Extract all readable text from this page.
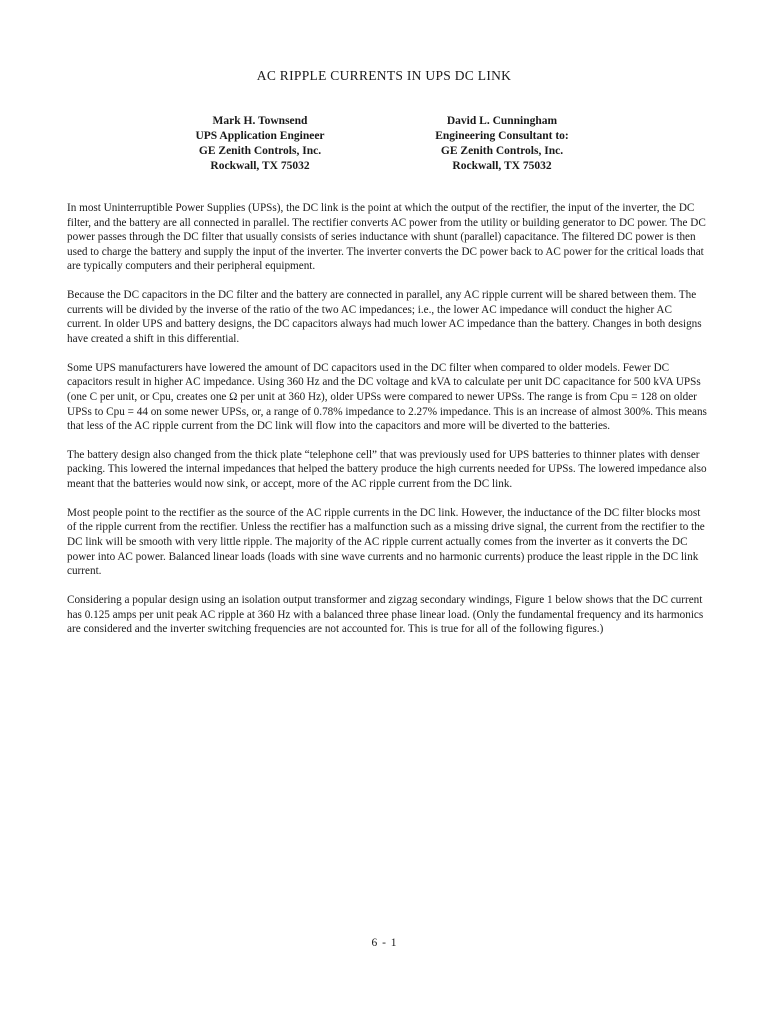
AC RIPPLE CURRENTS IN UPS DC LINK
Mark H. Townsend
UPS Application Engineer
GE Zenith Controls, Inc.
Rockwall, TX 75032
David L. Cunningham
Engineering Consultant to:
GE Zenith Controls, Inc.
Rockwall, TX 75032

In most Uninterruptible Power Supplies (UPSs), the DC link is the point at which the output of the rectifier, the input of the inverter, the DC filter, and the battery are all connected in parallel. The rectifier converts AC power from the utility or building generator to DC power. The DC power passes through the DC filter that usually consists of series inductance with shunt (parallel) capacitance. The filtered DC power is then used to charge the battery and supply the input of the inverter. The inverter converts the DC power back to AC power for the critical loads that are typically computers and their peripheral equipment.

Because the DC capacitors in the DC filter and the battery are connected in parallel, any AC ripple current will be shared between them. The currents will be divided by the inverse of the ratio of the two AC impedances; i.e., the lower AC impedance will conduct the higher AC current. In older UPS and battery designs, the DC capacitors always had much lower AC impedance than the battery. Changes in both designs have created a shift in this differential.

Some UPS manufacturers have lowered the amount of DC capacitors used in the DC filter when compared to older models. Fewer DC capacitors result in higher AC impedance. Using 360 Hz and the DC voltage and kVA to calculate per unit DC capacitance for 500 kVA UPSs (one C per unit, or Cpu, creates one Ω per unit at 360 Hz), older UPSs were compared to newer UPSs. The range is from Cpu = 128 on older UPSs to Cpu = 44 on some newer UPSs, or, a range of 0.78% impedance to 2.27% impedance. This is an increase of almost 300%. This means that less of the AC ripple current from the DC link will flow into the capacitors and more will be diverted to the batteries.

The battery design also changed from the thick plate “telephone cell” that was previously used for UPS batteries to thinner plates with denser packing. This lowered the internal impedances that helped the battery produce the high currents needed for UPSs. The lowered impedance also meant that the batteries would now sink, or accept, more of the AC ripple current from the DC link.

Most people point to the rectifier as the source of the AC ripple currents in the DC link. However, the inductance of the DC filter blocks most of the ripple current from the rectifier. Unless the rectifier has a malfunction such as a missing drive signal, the current from the rectifier to the DC link will be smooth with very little ripple. The majority of the AC ripple current actually comes from the inverter as it converts the DC power into AC power. Balanced linear loads (loads with sine wave currents and no harmonic currents) produce the least ripple in the DC link current.

Considering a popular design using an isolation output transformer and zigzag secondary windings, Figure 1 below shows that the DC current has 0.125 amps per unit peak AC ripple at 360 Hz with a balanced three phase linear load. (Only the fundamental frequency and its harmonics are considered and the inverter switching frequencies are not accounted for. This is true for all of the following figures.)

6 - 1
